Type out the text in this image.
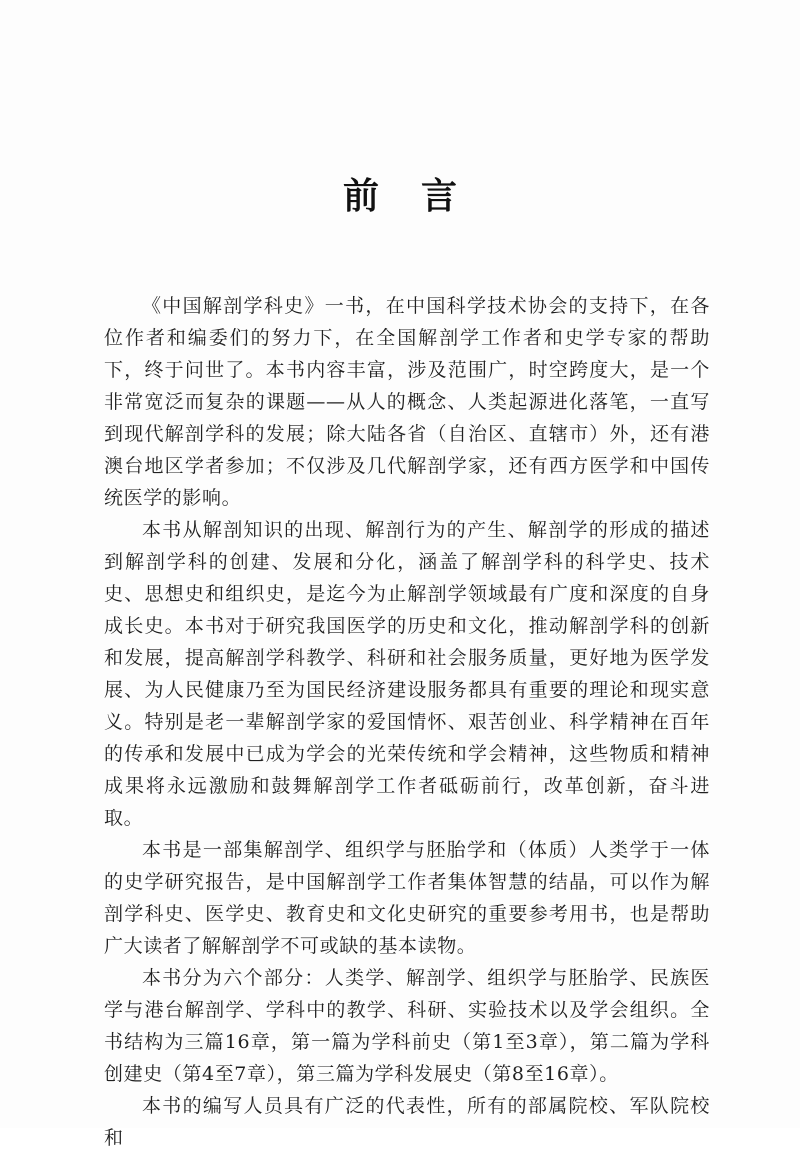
前言

《中国解剖学科史》一书，在中国科学技术协会的支持下，在各位作者和编委们的努力下，在全国解剖学工作者和史学专家的帮助下，终于问世了。本书内容丰富，涉及范围广，时空跨度大，是一个非常宽泛而复杂的课题——从人的概念、人类起源进化落笔，一直写到现代解剖学科的发展；除大陆各省（自治区、直辖市）外，还有港澳台地区学者参加；不仅涉及几代解剖学家，还有西方医学和中国传统医学的影响。

本书从解剖知识的出现、解剖行为的产生、解剖学的形成的描述到解剖学科的创建、发展和分化，涵盖了解剖学科的科学史、技术史、思想史和组织史，是迄今为止解剖学领域最有广度和深度的自身成长史。本书对于研究我国医学的历史和文化，推动解剖学科的创新和发展，提高解剖学科教学、科研和社会服务质量，更好地为医学发展、为人民健康乃至为国民经济建设服务都具有重要的理论和现实意义。特别是老一辈解剖学家的爱国情怀、艰苦创业、科学精神在百年的传承和发展中已成为学会的光荣传统和学会精神，这些物质和精神成果将永远激励和鼓舞解剖学工作者砥砺前行，改革创新，奋斗进取。

本书是一部集解剖学、组织学与胚胎学和（体质）人类学于一体的史学研究报告，是中国解剖学工作者集体智慧的结晶，可以作为解剖学科史、医学史、教育史和文化史研究的重要参考用书，也是帮助广大读者了解解剖学不可或缺的基本读物。

本书分为六个部分：人类学、解剖学、组织学与胚胎学、民族医学与港台解剖学、学科中的教学、科研、实验技术以及学会组织。全书结构为三篇16章，第一篇为学科前史（第1至3章），第二篇为学科创建史（第4至7章），第三篇为学科发展史（第8至16章）。

本书的编写人员具有广泛的代表性，所有的部属院校、军队院校和
